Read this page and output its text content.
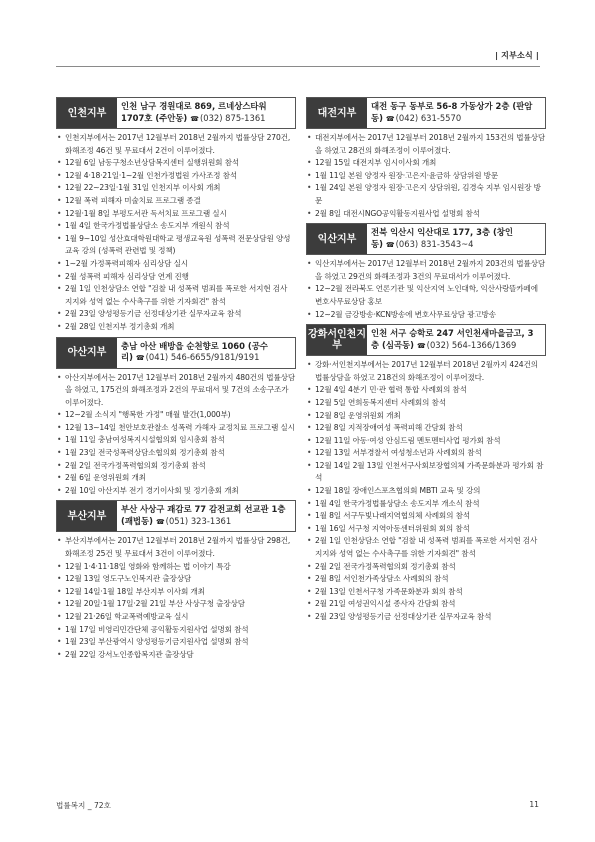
| 지부소식 |
인천지부
인천 남구 경원대로 869, 르네상스타워 1707호 (주안동) ☎(032) 875-1361
• 인천지부에서는 2017년 12월부터 2018년 2월까지 법률상담 270건, 화해조정 46건 및 무료대서 2건이 이루어졌다.
• 12월 6일 남동구청소년상담복지센터 실행위원회 참석
• 12월 4·18·21일·1~2월 인천가정법원 가사조정 참석
• 12월 22~23일·1월 31일 인천지부 이사회 개최
• 12월 폭력 피해자 미술치료 프로그램 종결
• 12월·1월 8일 부평도서관 독서치료 프로그램 실시
• 1월 4일 한국가정법률상담소 송도지부 개원식 참석
• 1월 9~10일 성산효대학원대학교 평생교육원 성폭력 전문상담원 양성교육 강의 (성폭력 관련법 및 정책)
• 1~2월 가정폭력피해자 심리상담 실시
• 2월 성폭력 피해자 심리상담 연계 진행
• 2월 1일 인천상담소 연합 "검찰 내 성폭력 범죄를 폭로한 서지현 검사 지지와 성역 없는 수사촉구를 위한 기자회견" 참석
• 2월 23일 양성평등기금 선정대상기관 실무자교육 참석
• 2월 28일 인천지부 정기총회 개최
아산지부
충남 아산 배방읍 순천향로 1060 (공수리) ☎(041) 546-6655/9181/9191
• 아산지부에서는 2017년 12월부터 2018년 2월까지 480건의 법률상담을 하였고, 175건의 화해조정과 2건의 무료대서 및 7건의 소송구조가 이루어졌다.
• 12~2월 소식지 "행복한 가정" 매월 발간(1,000부)
• 12월 13~14일 천안보호관찰소 성폭력 가해자 교정치료 프로그램 실시
• 1월 11일 충남여성복지시설협의회 임시총회 참석
• 1월 23일 전국성폭력상담소협의회 정기총회 참석
• 2월 2일 전국가정폭력협의회 정기총회 참석
• 2월 6일 운영위원회 개최
• 2월 10일 아산지부 전기 경기이사회 및 정기총회 개최
부산지부
부산 사상구 괘감로 77 감전교회 선교관 1층 (괘법동) ☎(051) 323-1361
• 부산지부에서는 2017년 12월부터 2018년 2월까지 법률상담 298건, 화해조정 25건 및 무료대서 3건이 이루어졌다.
• 12월 1·4·11·18일 영화와 함께하는 법 이야기 특강
• 12월 13일 영도구노인복지관 출장상담
• 12월 14일·1월 18일 부산지부 이사회 개최
• 12월 20일·1월 17일·2월 21일 부산 사상구청 출장상담
• 12월 21·26일 학교폭력예방교육 실시
• 1월 17일 비영리민간단체 공익활동지원사업 설명회 참석
• 1월 23일 부산광역시 양성평등기금지원사업 설명회 참석
• 2월 22일 강서노인종합복지관 출장상담
대전지부
대전 동구 동부로 56-8 가동상가 2층 (판암동) ☎(042) 631-5570
• 대전지부에서는 2017년 12월부터 2018년 2월까지 153건의 법률상담을 하였고 28건의 화해조정이 이루어졌다.
• 12월 15일 대전지부 임시이사회 개최
• 1월 11일 본원 양정자 원장·고은지·윤금하 상담위원 방문
• 1월 24일 본원 양정자 원장·고은지 상담위원, 김경숙 지부 임시원장 방문
• 2월 8일 대전시NGO공익활동지원사업 설명회 참석
익산지부
전북 익산시 익산대로 177, 3층 (창인동) ☎(063) 831-3543~4
• 익산지부에서는 2017년 12월부터 2018년 2월까지 203건의 법률상담을 하였고 29건의 화해조정과 3건의 무료대서가 이루어졌다.
• 12~2월 전라북도 언론기관 및 익산지역 노인대학, 익산사랑뜰카페에 변호사무료상담 홍보
• 12~2월 금강방송·KCN방송에 변호사무료상담 광고방송
강화서인천지부
인천 서구 승학로 247 서인천새마을금고, 3층 (심곡동) ☎(032) 564-1366/1369
• 강화·서인천지부에서는 2017년 12월부터 2018년 2월까지 424건의 법률상담을 하였고 218건의 화해조정이 이루어졌다.
• 12월 4일 4분기 민·관 협력 통합 사례회의 참석
• 12월 5일 연희동복지센터 사례회의 참석
• 12월 8일 운영위원회 개최
• 12월 8일 지적장애여성 폭력피해 간담회 참석
• 12월 11일 아동·여성 안심드림 멘토멘티사업 평가회 참석
• 12월 13일 서부경찰서 여성청소년과 사례회의 참석
• 12월 14일 2월 13일 인천서구사회보장협의체 가족문화분과 평가회 참석
• 12월 18일 장애인스포츠협의회 MBTI 교육 및 강의
• 1월 4일 한국가정법률상담소 송도지부 개소식 참석
• 1월 8일 서구두빛나래지역협의체 사례회의 참석
• 1월 16일 서구청 지역아동센터위원회 회의 참석
• 2월 1일 인천상담소 연합 "검찰 내 성폭력 범죄를 폭로한 서지현 검사 지지와 성역 없는 수사촉구를 위한 기자회견" 참석
• 2월 2일 전국가정폭력협의회 정기총회 참석
• 2월 8일 서인천가족상담소 사례회의 참석
• 2월 13일 인천서구청 가족문화분과 회의 참석
• 2월 21일 여성권익시설 종사자 간담회 참석
• 2월 23일 양성평등기금 선정대상기관 실무자교육 참석
법률복지 _ 72호	11
